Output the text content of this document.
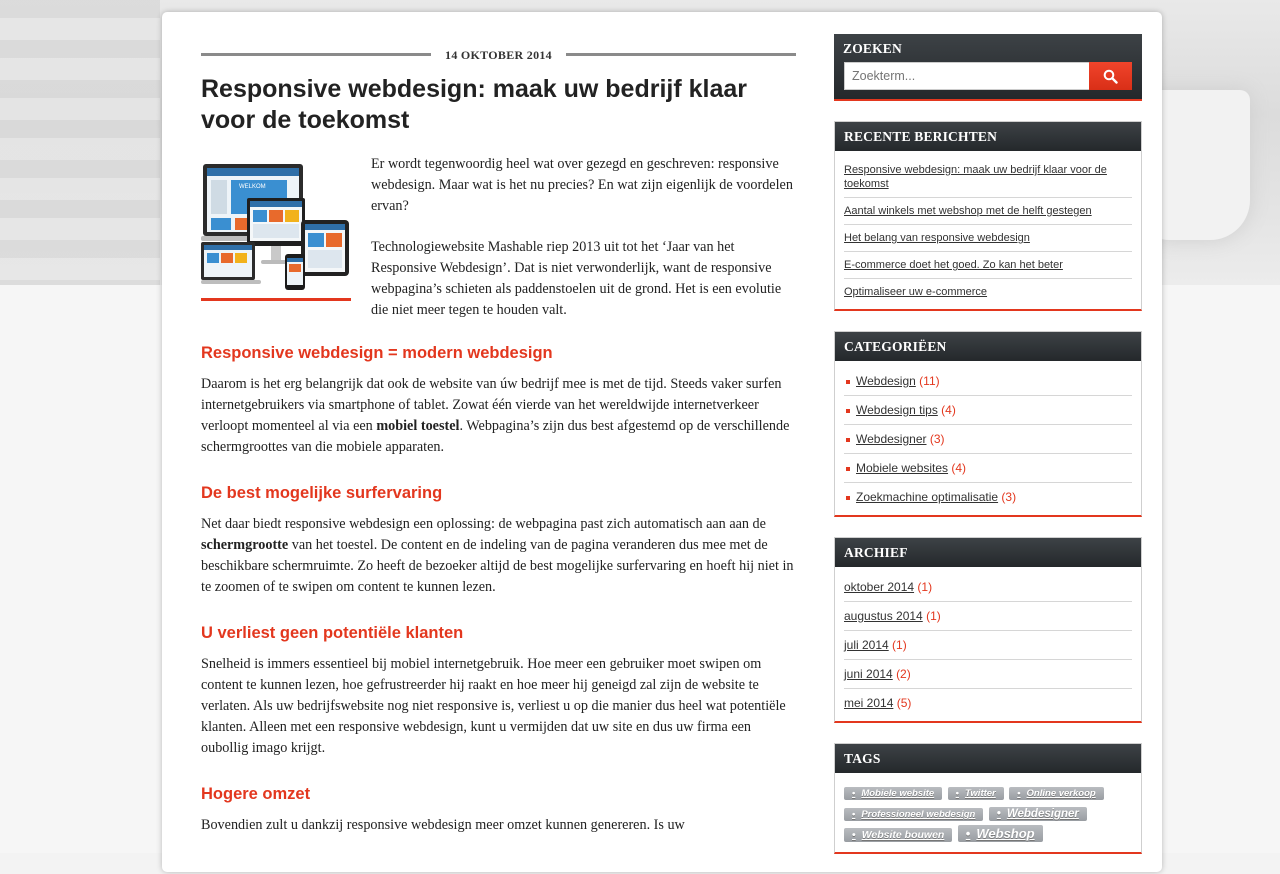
14 OKTOBER 2014
Responsive webdesign: maak uw bedrijf klaar voor de toekomst
WELKOM

Er wordt tegenwoordig heel wat over gezegd en geschreven: responsive webdesign. Maar wat is het nu precies? En wat zijn eigenlijk de voordelen ervan?

Technologiewebsite Mashable riep 2013 uit tot het ‘Jaar van het Responsive Webdesign’. Dat is niet verwonderlijk, want de responsive webpagina’s schieten als paddenstoelen uit de grond. Het is een evolutie die niet meer tegen te houden valt.

Responsive webdesign = modern webdesign

Daarom is het erg belangrijk dat ook de website van úw bedrijf mee is met de tijd. Steeds vaker surfen internetgebruikers via smartphone of tablet. Zowat één vierde van het wereldwijde internetverkeer verloopt momenteel al via een mobiel toestel. Webpagina’s zijn dus best afgestemd op de verschillende schermgroottes van die mobiele apparaten.

De best mogelijke surfervaring

Net daar biedt responsive webdesign een oplossing: de webpagina past zich automatisch aan aan de schermgrootte van het toestel. De content en de indeling van de pagina veranderen dus mee met de beschikbare schermruimte. Zo heeft de bezoeker altijd de best mogelijke surfervaring en hoeft hij niet in te zoomen of te swipen om content te kunnen lezen.

U verliest geen potentiële klanten

Snelheid is immers essentieel bij mobiel internetgebruik. Hoe meer een gebruiker moet swipen om content te kunnen lezen, hoe gefrustreerder hij raakt en hoe meer hij geneigd zal zijn de website te verlaten. Als uw bedrijfswebsite nog niet responsive is, verliest u op die manier dus heel wat potentiële klanten. Alleen met een responsive webdesign, kunt u vermijden dat uw site en dus uw firma een oubollig imago krijgt.

Hogere omzet

Bovendien zult u dankzij responsive webdesign meer omzet kunnen genereren. Is uw

ZOEKEN
Zoekterm...
RECENTE BERICHTEN
Responsive webdesign: maak uw bedrijf klaar voor de toekomst
Aantal winkels met webshop met de helft gestegen
Het belang van responsive webdesign
E-commerce doet het goed. Zo kan het beter
Optimaliseer uw e-commerce
CATEGORIËEN
Webdesign (11)
Webdesign tips (4)
Webdesigner (3)
Mobiele websites (4)
Zoekmachine optimalisatie (3)
ARCHIEF
oktober 2014 (1)
augustus 2014 (1)
juli 2014 (1)
juni 2014 (2)
mei 2014 (5)
TAGS
• Mobiele website	• Twitter	• Online verkoop • Professioneel webdesign	• Webdesigner • Website bouwen • Webshop
